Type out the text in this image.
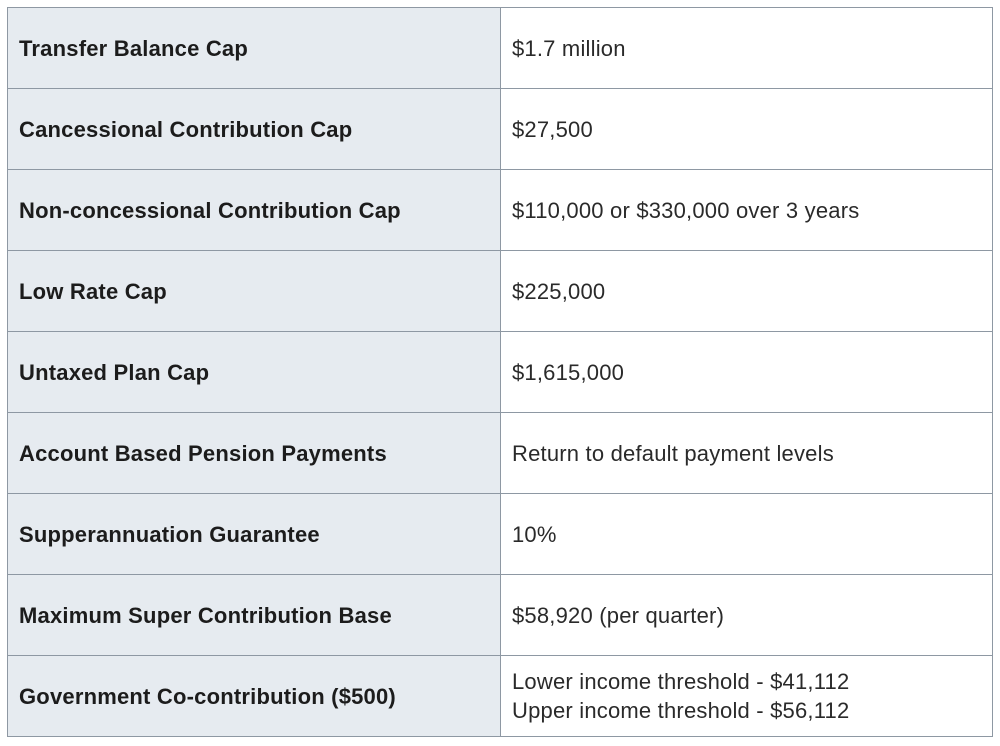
Transfer Balance Cap	$1.7 million

Cancessional Contribution Cap	$27,500

Non-concessional Contribution Cap	$110,000 or $330,000 over 3 years

Low Rate Cap	$225,000

Untaxed Plan Cap	$1,615,000

Account Based Pension Payments	Return to default payment levels

Supperannuation Guarantee	10%

Maximum Super Contribution Base	$58,920 (per quarter)

Government Co-contribution ($500)	Lower income threshold - $41,112
Upper income threshold - $56,112
